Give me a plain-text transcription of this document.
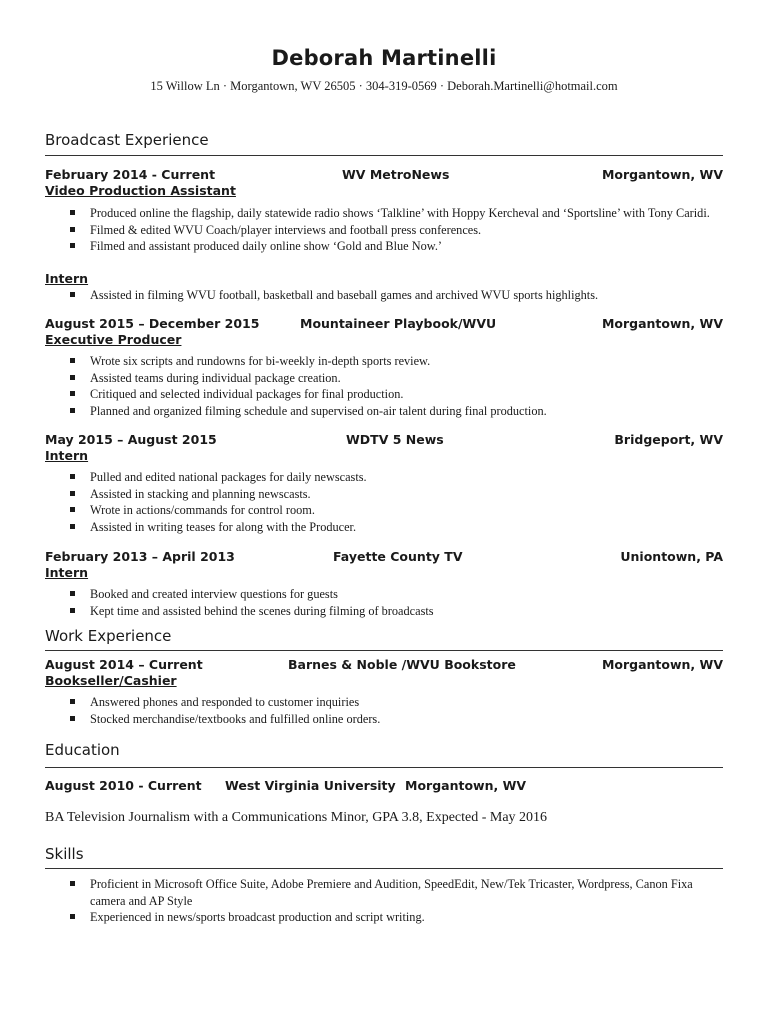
Deborah Martinelli
15 Willow Ln · Morgantown, WV 26505 · 304-319-0569 · Deborah.Martinelli@hotmail.com
Broadcast Experience
February 2014 - Current	WV MetroNews	Morgantown, WV
Video Production Assistant
Produced online the flagship, daily statewide radio shows ‘Talkline’ with Hoppy Kercheval and ‘Sportsline’ with Tony Caridi.
Filmed & edited WVU Coach/player interviews and football press conferences.
Filmed and assistant produced daily online show ‘Gold and Blue Now.’
Intern
Assisted in filming WVU football, basketball and baseball games and archived WVU sports highlights.
August 2015 – December 2015	Mountaineer Playbook/WVU	Morgantown, WV
Executive Producer
Wrote six scripts and rundowns for bi-weekly in-depth sports review.
Assisted teams during individual package creation.
Critiqued and selected individual packages for final production.
Planned and organized filming schedule and supervised on-air talent during final production.
May 2015 – August 2015	WDTV 5 News	Bridgeport, WV
Intern
Pulled and edited national packages for daily newscasts.
Assisted in stacking and planning newscasts.
Wrote in actions/commands for control room.
Assisted in writing teases for along with the Producer.
February 2013 – April 2013	Fayette County TV	Uniontown, PA
Intern
Booked and created interview questions for guests
Kept time and assisted behind the scenes during filming of broadcasts
Work Experience
August 2014 – Current	Barnes & Noble /WVU Bookstore	Morgantown, WV
Bookseller/Cashier
Answered phones and responded to customer inquiries
Stocked merchandise/textbooks and fulfilled online orders.
Education
August 2010 - Current West Virginia University Morgantown, WV
BA Television Journalism with a Communications Minor, GPA 3.8, Expected - May 2016
Skills
Proficient in Microsoft Office Suite, Adobe Premiere and Audition, SpeedEdit, New/Tek Tricaster, Wordpress, Canon Fixa camera and AP Style
Experienced in news/sports broadcast production and script writing.
